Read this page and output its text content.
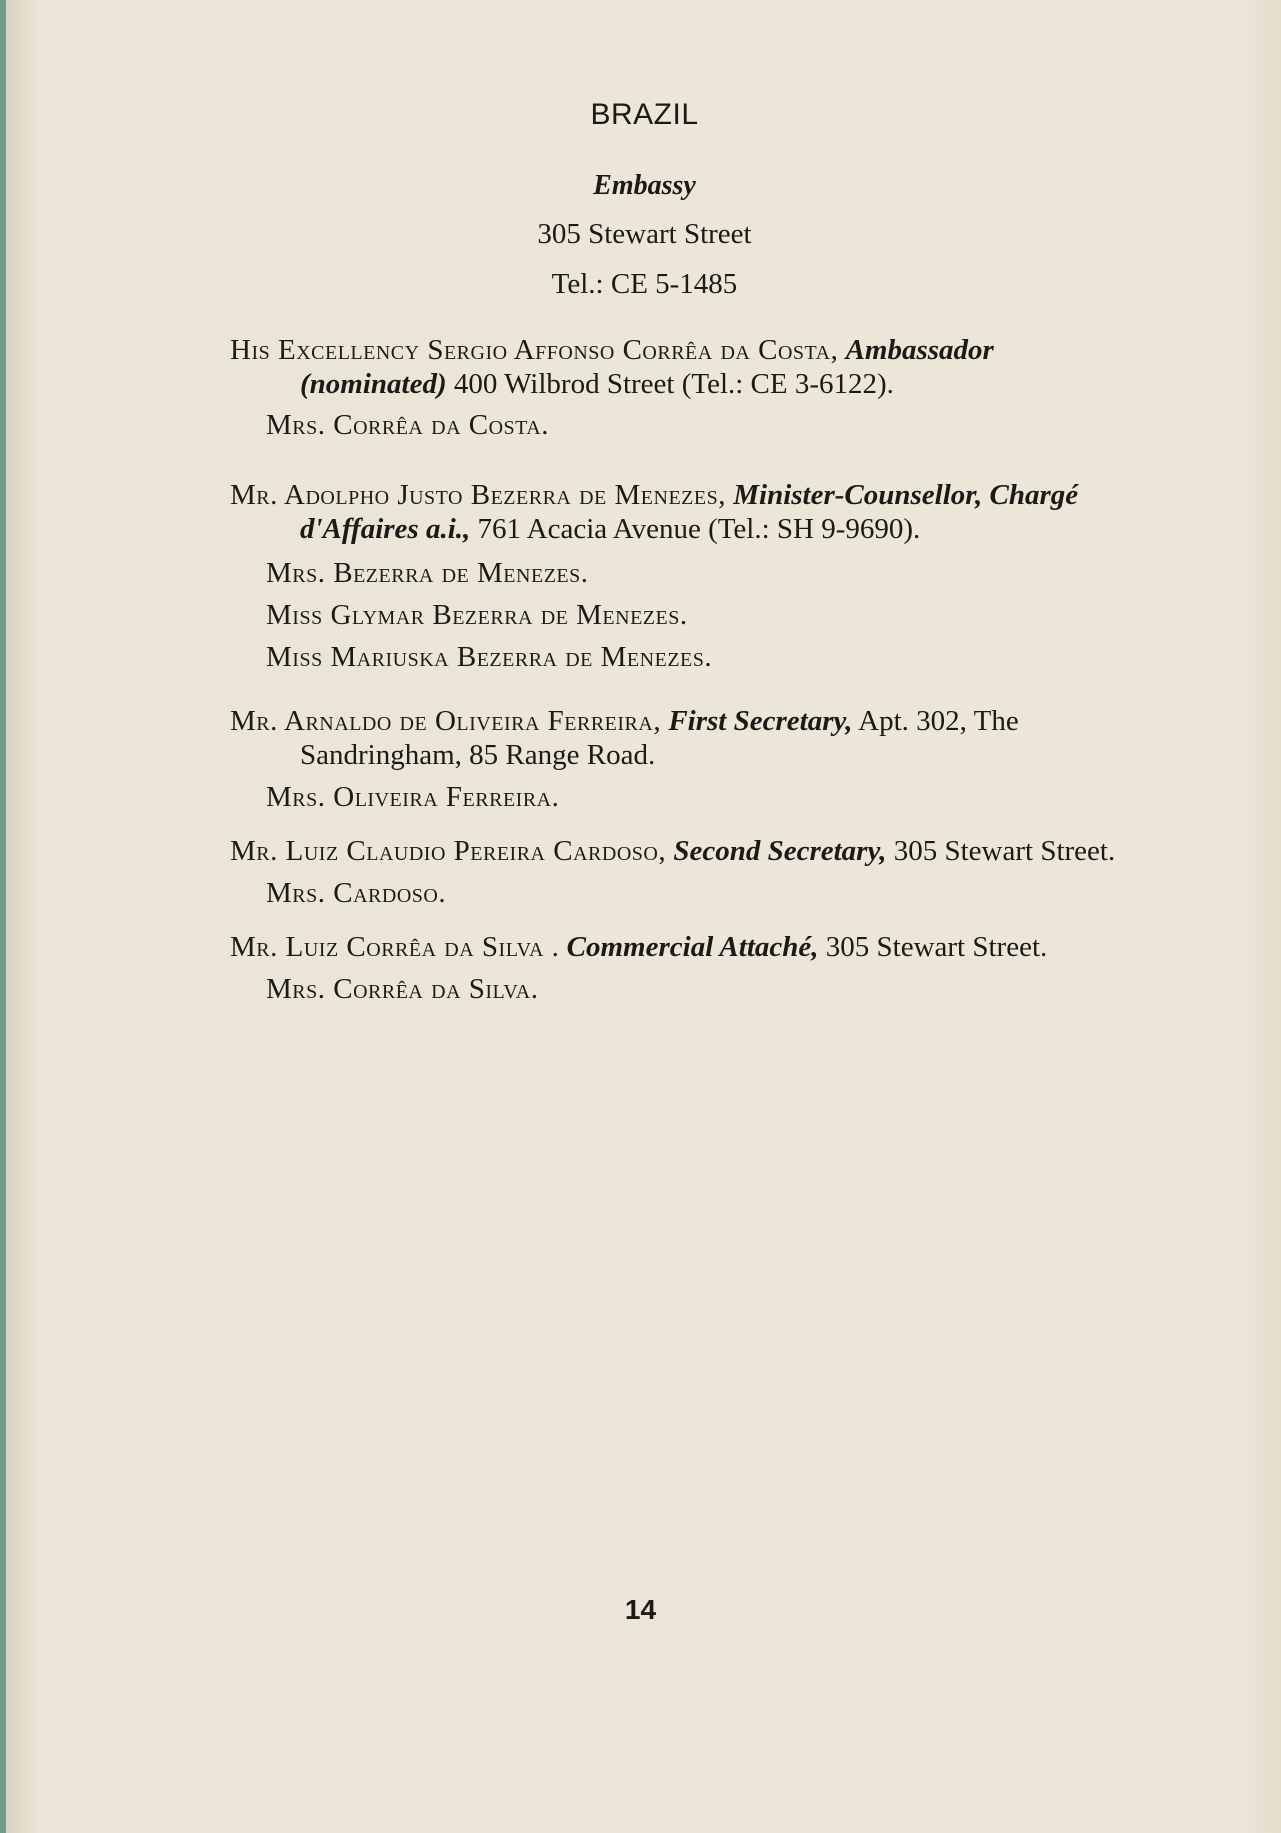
BRAZIL
Embassy
305 Stewart Street
Tel.: CE 5-1485

His Excellency Sergio Affonso Corrêa da Costa, Ambassador (nominated) 400 Wilbrod Street (Tel.: CE 3-6122).

Mrs. Corrêa da Costa.

Mr. Adolpho Justo Bezerra de Menezes, Minister-Counsellor, Chargé d'Affaires a.i., 761 Acacia Avenue (Tel.: SH 9-9690).

Mrs. Bezerra de Menezes.

Miss Glymar Bezerra de Menezes.

Miss Mariuska Bezerra de Menezes.

Mr. Arnaldo de Oliveira Ferreira, First Secretary, Apt. 302, The Sandringham, 85 Range Road.

Mrs. Oliveira Ferreira.

Mr. Luiz Claudio Pereira Cardoso, Second Secretary, 305 Stewart Street.

Mrs. Cardoso.

Mr. Luiz Corrêa da Silva . Commercial Attaché, 305 Stewart Street.

Mrs. Corrêa da Silva.

14
